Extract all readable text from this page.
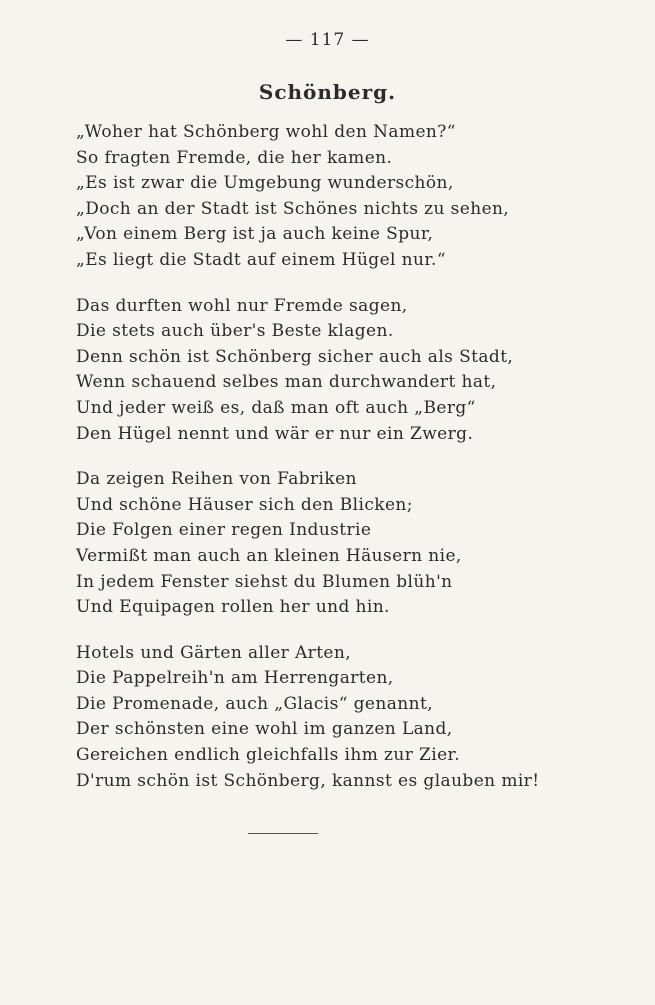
— 117 —
Schönberg.
„Woher hat Schönberg wohl den Namen?“
So fragten Fremde, die her kamen.
„Es ist zwar die Umgebung wunderschön,
„Doch an der Stadt ist Schönes nichts zu sehen,
„Von einem Berg ist ja auch keine Spur,
„Es liegt die Stadt auf einem Hügel nur.“
Das durften wohl nur Fremde sagen,
Die stets auch über's Beste klagen.
Denn schön ist Schönberg sicher auch als Stadt,
Wenn schauend selbes man durchwandert hat,
Und jeder weiß es, daß man oft auch „Berg“
Den Hügel nennt und wär er nur ein Zwerg.
Da zeigen Reihen von Fabriken
Und schöne Häuser sich den Blicken;
Die Folgen einer regen Industrie
Vermißt man auch an kleinen Häusern nie,
In jedem Fenster siehst du Blumen blüh'n
Und Equipagen rollen her und hin.
Hotels und Gärten aller Arten,
Die Pappelreih'n am Herrengarten,
Die Promenade, auch „Glacis“ genannt,
Der schönsten eine wohl im ganzen Land,
Gereichen endlich gleichfalls ihm zur Zier.
D'rum schön ist Schönberg, kannst es glauben mir!
